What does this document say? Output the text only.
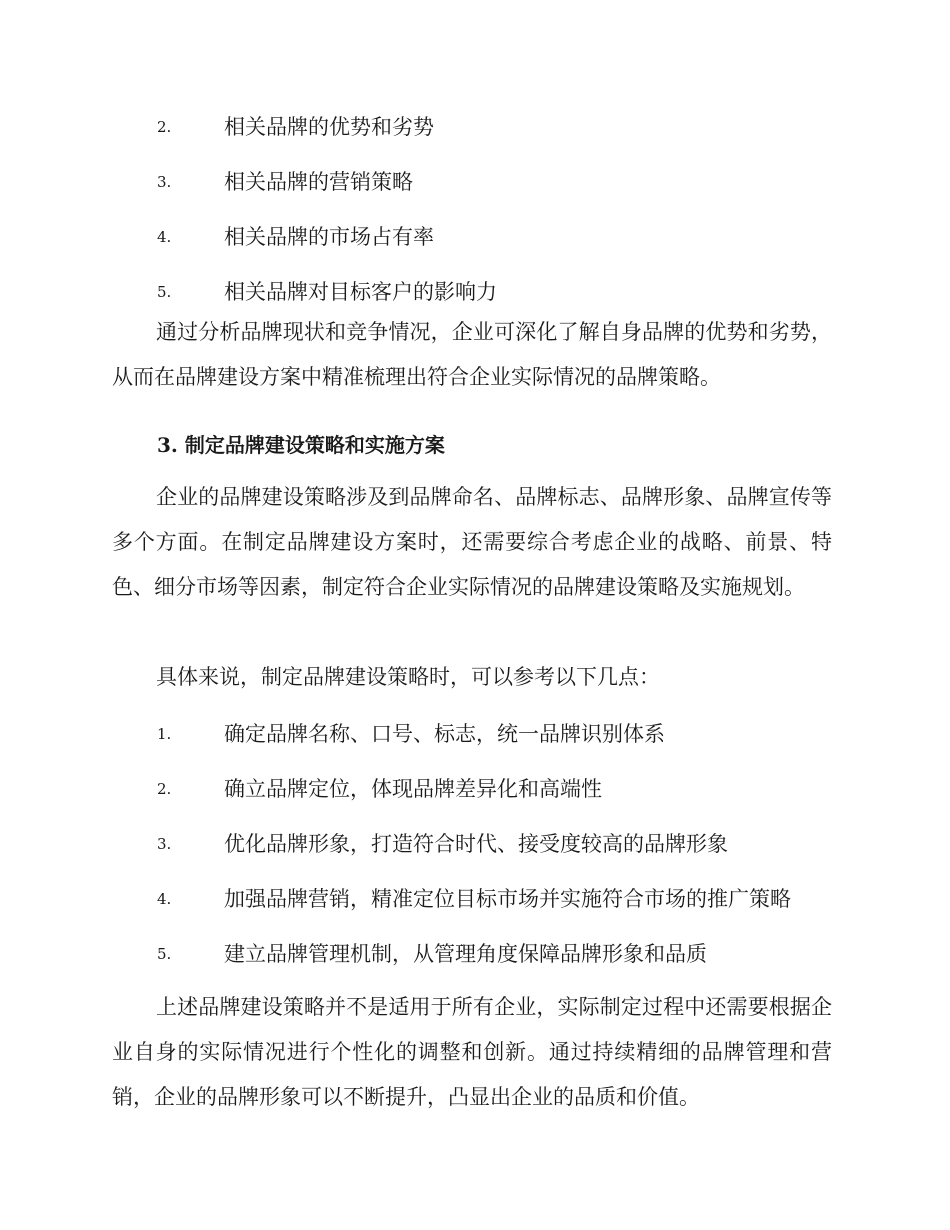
2.	相关品牌的优势和劣势
3.	相关品牌的营销策略
4.	相关品牌的市场占有率
5.	相关品牌对目标客户的影响力

通过分析品牌现状和竞争情况，企业可深化了解自身品牌的优势和劣势，从而在品牌建设方案中精准梳理出符合企业实际情况的品牌策略。

3. 制定品牌建设策略和实施方案

企业的品牌建设策略涉及到品牌命名、品牌标志、品牌形象、品牌宣传等多个方面。在制定品牌建设方案时，还需要综合考虑企业的战略、前景、特色、细分市场等因素，制定符合企业实际情况的品牌建设策略及实施规划。

具体来说，制定品牌建设策略时，可以参考以下几点：

1.	确定品牌名称、口号、标志，统一品牌识别体系
2.	确立品牌定位，体现品牌差异化和高端性
3.	优化品牌形象，打造符合时代、接受度较高的品牌形象
4.	加强品牌营销，精准定位目标市场并实施符合市场的推广策略
5.	建立品牌管理机制，从管理角度保障品牌形象和品质

上述品牌建设策略并不是适用于所有企业，实际制定过程中还需要根据企业自身的实际情况进行个性化的调整和创新。通过持续精细的品牌管理和营销，企业的品牌形象可以不断提升，凸显出企业的品质和价值。
